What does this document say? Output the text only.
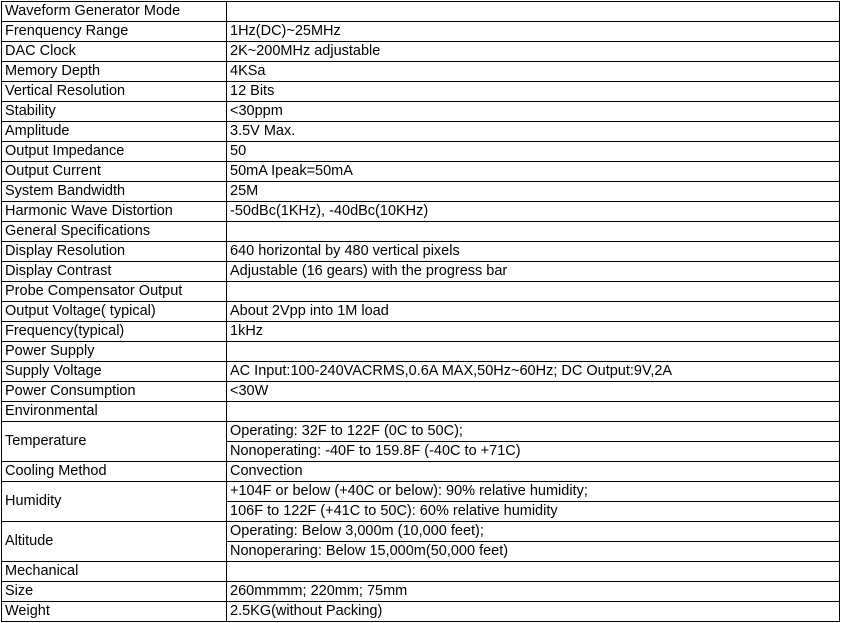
Waveform Generator Mode	
Frenquency Range	1Hz(DC)~25MHz
DAC Clock	2K~200MHz adjustable
Memory Depth	4KSa
Vertical Resolution	12 Bits
Stability	<30ppm
Amplitude	3.5V Max.
Output Impedance	50
Output Current	50mA Ipeak=50mA
System Bandwidth	25M
Harmonic Wave Distortion	-50dBc(1KHz), -40dBc(10KHz)
General Specifications	
Display Resolution	640 horizontal by 480 vertical pixels
Display Contrast	Adjustable (16 gears) with the progress bar
Probe Compensator Output	
Output Voltage( typical)	About 2Vpp into 1M load
Frequency(typical)	1kHz
Power Supply	
Supply Voltage	AC Input:100-240VACRMS,0.6A MAX,50Hz~60Hz; DC Output:9V,2A
Power Consumption	<30W
Environmental	
Temperature	Operating: 32F to 122F (0C to 50C);
	Nonoperating: -40F to 159.8F (-40C to +71C)
Cooling Method	Convection
Humidity	+104F or below (+40C or below): 90% relative humidity;
	106F to 122F (+41C to 50C): 60% relative humidity
Altitude	Operating: Below 3,000m (10,000 feet);
	Nonoperaring: Below 15,000m(50,000 feet)
Mechanical	
Size	260mmmm; 220mm; 75mm
Weight	2.5KG(without Packing)
